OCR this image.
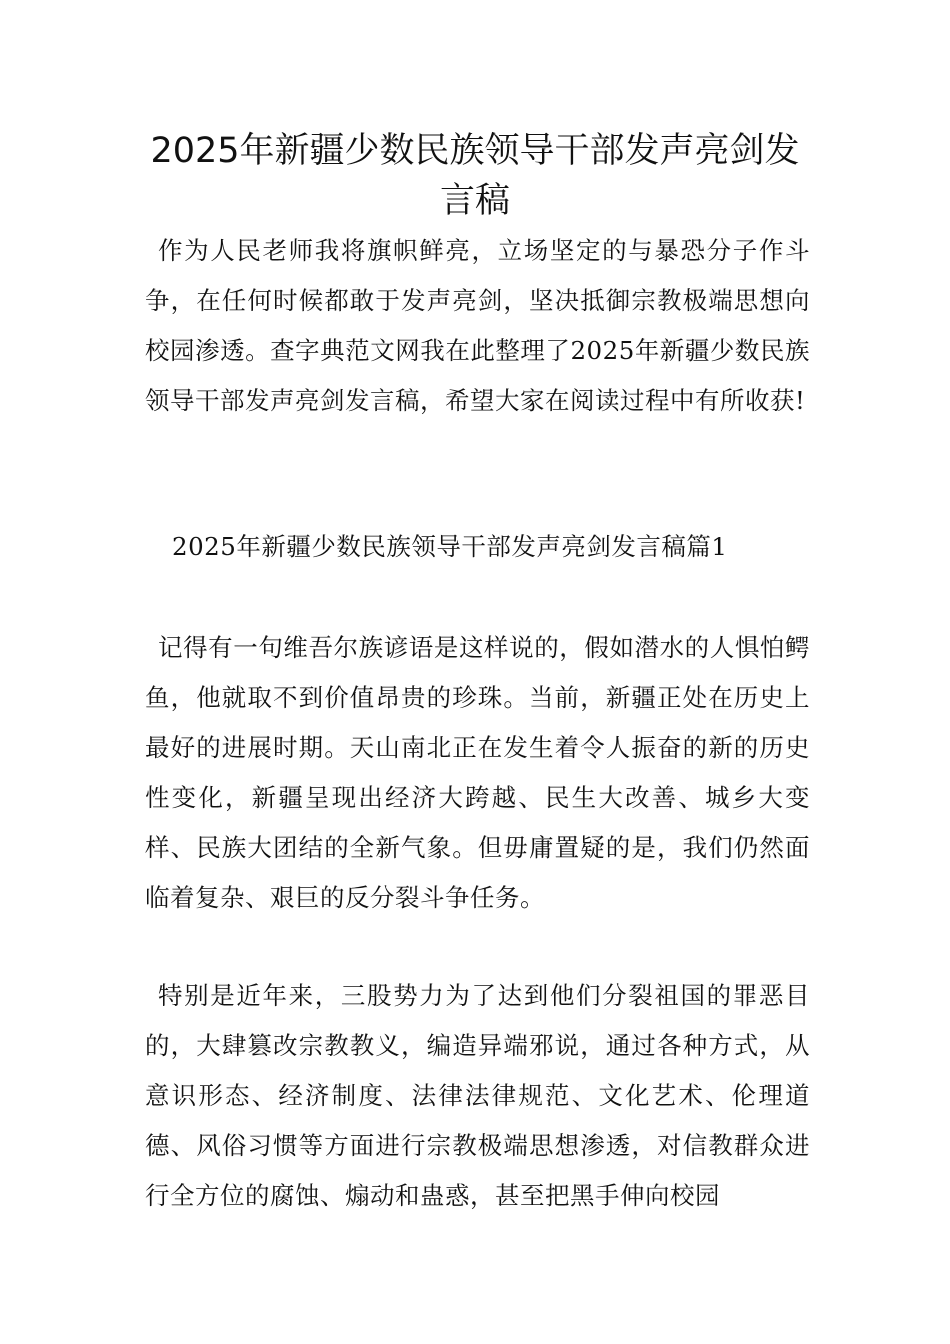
2025年新疆少数民族领导干部发声亮剑发
言稿

作为人民老师我将旗帜鲜亮，立场坚定的与暴恐分子作斗争，在任何时候都敢于发声亮剑，坚决抵御宗教极端思想向校园渗透。查字典范文网我在此整理了2025年新疆少数民族领导干部发声亮剑发言稿，希望大家在阅读过程中有所收获!

2025年新疆少数民族领导干部发声亮剑发言稿篇1

记得有一句维吾尔族谚语是这样说的，假如潜水的人惧怕鳄鱼，他就取不到价值昂贵的珍珠。当前，新疆正处在历史上最好的进展时期。天山南北正在发生着令人振奋的新的历史性变化，新疆呈现出经济大跨越、民生大改善、城乡大变样、民族大团结的全新气象。但毋庸置疑的是，我们仍然面临着复杂、艰巨的反分裂斗争任务。

特别是近年来，三股势力为了达到他们分裂祖国的罪恶目的，大肆篡改宗教教义，编造异端邪说，通过各种方式，从意识形态、经济制度、法律法律规范、文化艺术、伦理道德、风俗习惯等方面进行宗教极端思想渗透，对信教群众进行全方位的腐蚀、煽动和蛊惑，甚至把黑手伸向校园
